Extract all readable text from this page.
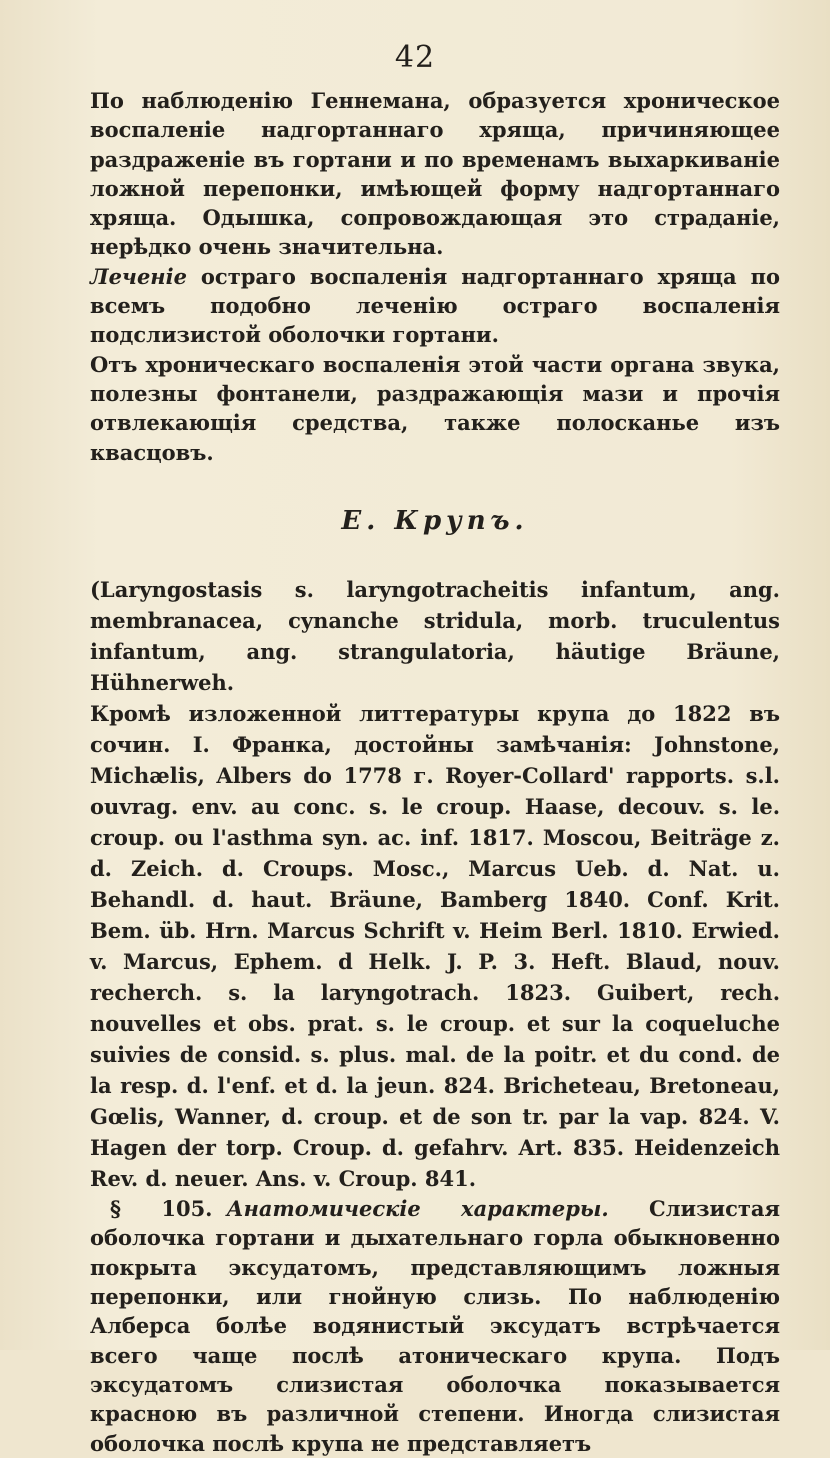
42

По наблюденію Геннемана, образуется хроническое воспаленіе надгортаннаго хряща, причиняющее раздраженіе въ гортани и по временамъ выхаркиваніе ложной перепонки, имѣющей форму надгортаннаго хряща. Одышка, сопровождающая это страданіе, нерѣдко очень значительна.

Леченіе остраго воспаленія надгортаннаго хряща по всемъ подобно леченію остраго воспаленія подслизистой оболочки гортани.

Отъ хроническаго воспаленія этой части органа звука, полезны фонтанели, раздражающія мази и прочія отвлекающія средства, также полосканье изъ квасцовъ.

Е. Крупъ.

(Laryngostasis s. laryngotracheitis infantum, ang. membranacea, cynanche stridula, morb. truculentus infantum, ang. strangulatoria, häutige Bräune, Hühnerweh.

Кромѣ изложенной литтературы крупа до 1822 въ сочин. I. Франка, достойны замѣчанія: Johnstone, Michælis, Albers do 1778 г. Royer-Collard' rapports. s.l. ouvrag. env. au conc. s. le croup. Haase, decouv. s. le. croup. ou l'asthma syn. ac. inf. 1817. Moscou, Beiträge z. d. Zeich. d. Croups. Mosc., Marcus Ueb. d. Nat. u. Behandl. d. haut. Bräune, Bamberg 1840. Conf. Krit. Bem. üb. Hrn. Marcus Schrift v. Heim Berl. 1810. Erwied. v. Marcus, Ephem. d Helk. J. P. 3. Heft. Blaud, nouv. recherch. s. la laryngotrach. 1823. Guibert, rech. nouvelles et obs. prat. s. le croup. et sur la coqueluche suivies de consid. s. plus. mal. de la poitr. et du cond. de la resp. d. l'enf. et d. la jeun. 824. Bricheteau, Bretoneau, Gœlis, Wanner, d. croup. et de son tr. par la vap. 824. V. Hagen der torp. Croup. d. gefahrv. Art. 835. Heidenzeich Rev. d. neuer. Ans. v. Croup. 841.

§ 105. Анатомическіе характеры. Слизистая оболочка гортани и дыхательнаго горла обыкновенно покрыта эксудатомъ, представляющимъ ложныя перепонки, или гнойную слизь. По наблюденію Алберса болѣе водянистый эксудатъ встрѣчается всего чаще послѣ атоническаго крупа. Подъ эксудатомъ слизистая оболочка показывается красною въ различной степени. Иногда слизистая оболочка послѣ крупа не представляетъ
